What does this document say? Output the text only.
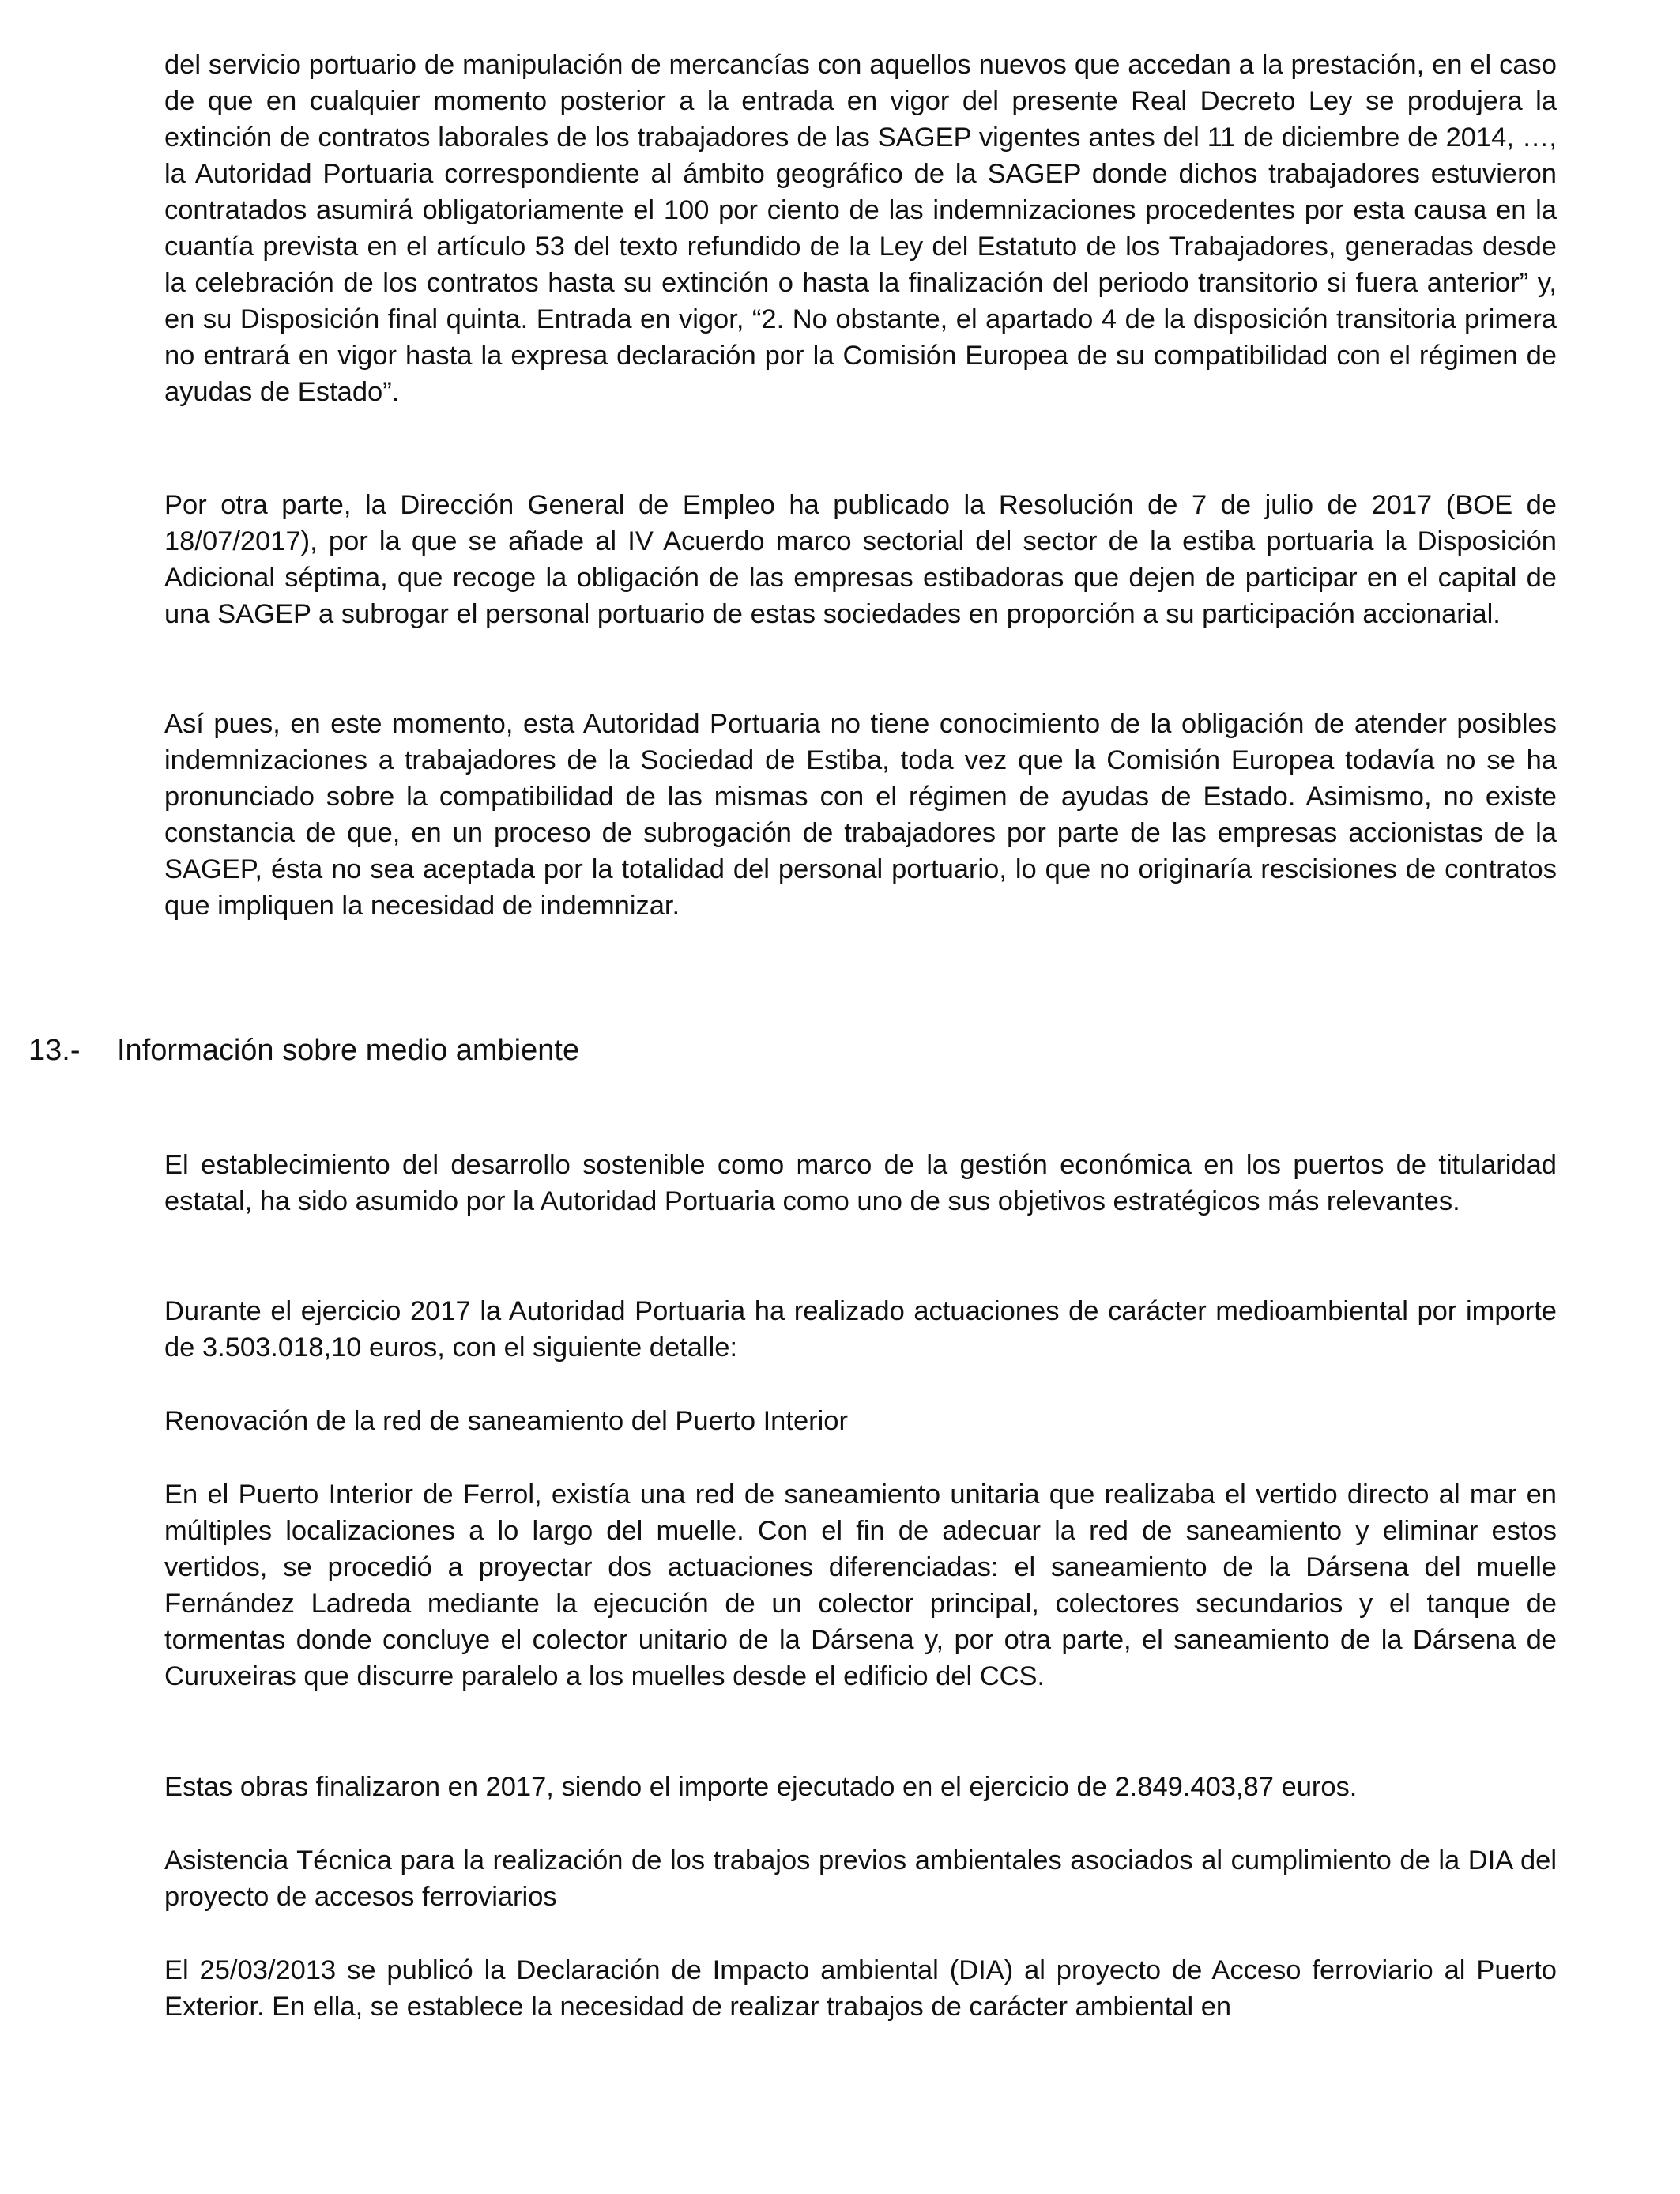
del servicio portuario de manipulación de mercancías con aquellos nuevos que accedan a la prestación, en el caso de que en cualquier momento posterior a la entrada en vigor del presente Real Decreto Ley se produjera la extinción de contratos laborales de los trabajadores de las SAGEP vigentes antes del 11 de diciembre de 2014, …, la Autoridad Portuaria correspondiente al ámbito geográfico de la SAGEP donde dichos trabajadores estuvieron contratados asumirá obligatoriamente el 100 por ciento de las indemnizaciones procedentes por esta causa en la cuantía prevista en el artículo 53 del texto refundido de la Ley del Estatuto de los Trabajadores, generadas desde la celebración de los contratos hasta su extinción o hasta la finalización del periodo transitorio si fuera anterior” y, en su Disposición final quinta. Entrada en vigor, “2. No obstante, el apartado 4 de la disposición transitoria primera no entrará en vigor hasta la expresa declaración por la Comisión Europea de su compatibilidad con el régimen de ayudas de Estado”.

Por otra parte, la Dirección General de Empleo ha publicado la Resolución de 7 de julio de 2017 (BOE de 18/07/2017), por la que se añade al IV Acuerdo marco sectorial del sector de la estiba portuaria la Disposición Adicional séptima, que recoge la obligación de las empresas estibadoras que dejen de participar en el capital de una SAGEP a subrogar el personal portuario de estas sociedades en proporción a su participación accionarial.

Así pues, en este momento, esta Autoridad Portuaria no tiene conocimiento de la obligación de atender posibles indemnizaciones a trabajadores de la Sociedad de Estiba, toda vez que la Comisión Europea todavía no se ha pronunciado sobre la compatibilidad de las mismas con el régimen de ayudas de Estado. Asimismo, no existe constancia de que, en un proceso de subrogación de trabajadores por parte de las empresas accionistas de la SAGEP, ésta no sea aceptada por la totalidad del personal portuario, lo que no originaría rescisiones de contratos que impliquen la necesidad de indemnizar.

13.- Información sobre medio ambiente

El establecimiento del desarrollo sostenible como marco de la gestión económica en los puertos de titularidad estatal, ha sido asumido por la Autoridad Portuaria como uno de sus objetivos estratégicos más relevantes.

Durante el ejercicio 2017 la Autoridad Portuaria ha realizado actuaciones de carácter medioambiental por importe de 3.503.018,10 euros, con el siguiente detalle:

Renovación de la red de saneamiento del Puerto Interior

En el Puerto Interior de Ferrol, existía una red de saneamiento unitaria que realizaba el vertido directo al mar en múltiples localizaciones a lo largo del muelle. Con el fin de adecuar la red de saneamiento y eliminar estos vertidos, se procedió a proyectar dos actuaciones diferenciadas: el saneamiento de la Dársena del muelle Fernández Ladreda mediante la ejecución de un colector principal, colectores secundarios y el tanque de tormentas donde concluye el colector unitario de la Dársena y, por otra parte, el saneamiento de la Dársena de Curuxeiras que discurre paralelo a los muelles desde el edificio del CCS.

Estas obras finalizaron en 2017, siendo el importe ejecutado en el ejercicio de 2.849.403,87 euros.

Asistencia Técnica para la realización de los trabajos previos ambientales asociados al cumplimiento de la DIA del proyecto de accesos ferroviarios

El 25/03/2013 se publicó la Declaración de Impacto ambiental (DIA) al proyecto de Acceso ferroviario al Puerto Exterior. En ella, se establece la necesidad de realizar trabajos de carácter ambiental en
